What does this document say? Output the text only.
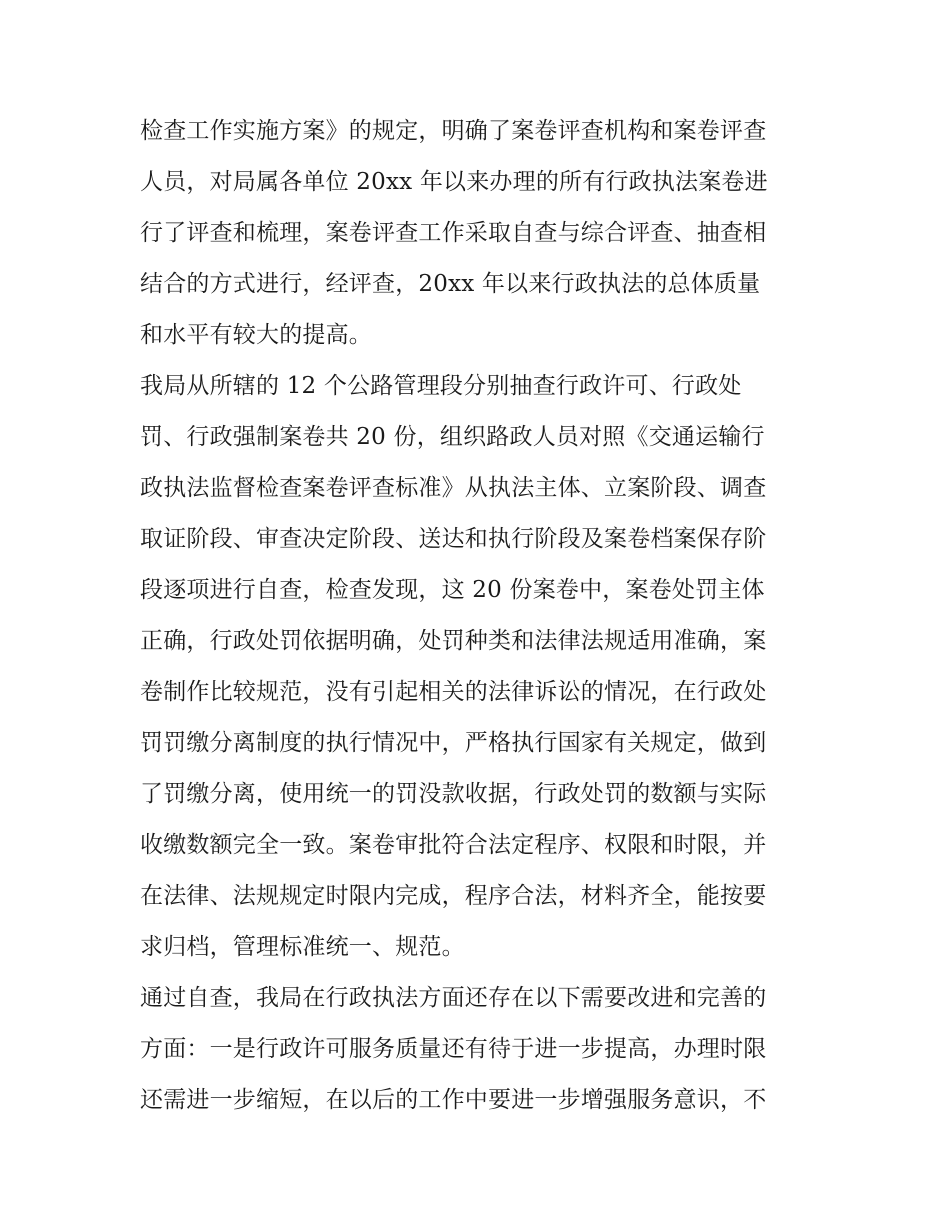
检查工作实施方案》的规定，明确了案卷评查机构和案卷评查
人员，对局属各单位 20xx 年以来办理的所有行政执法案卷进
行了评查和梳理，案卷评查工作采取自查与综合评查、抽查相
结合的方式进行，经评查，20xx 年以来行政执法的总体质量
和水平有较大的提高。
我局从所辖的 12 个公路管理段分别抽查行政许可、行政处
罚、行政强制案卷共 20 份，组织路政人员对照《交通运输行
政执法监督检查案卷评查标准》从执法主体、立案阶段、调查
取证阶段、审查决定阶段、送达和执行阶段及案卷档案保存阶
段逐项进行自查，检查发现，这 20 份案卷中，案卷处罚主体
正确，行政处罚依据明确，处罚种类和法律法规适用准确，案
卷制作比较规范，没有引起相关的法律诉讼的情况，在行政处
罚罚缴分离制度的执行情况中，严格执行国家有关规定，做到
了罚缴分离，使用统一的罚没款收据，行政处罚的数额与实际
收缴数额完全一致。案卷审批符合法定程序、权限和时限，并
在法律、法规规定时限内完成，程序合法，材料齐全，能按要
求归档，管理标准统一、规范。
通过自查，我局在行政执法方面还存在以下需要改进和完善的
方面：一是行政许可服务质量还有待于进一步提高，办理时限
还需进一步缩短，在以后的工作中要进一步增强服务意识，不
